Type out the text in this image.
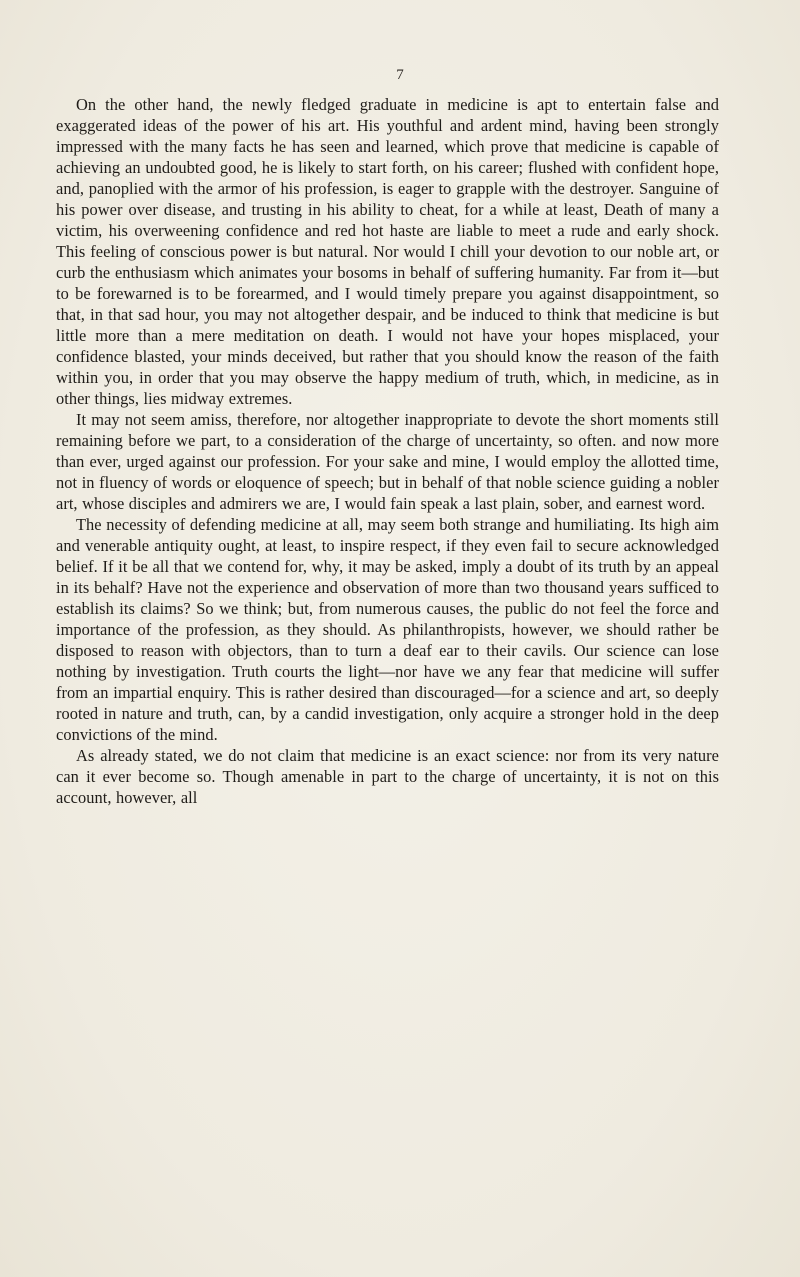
7

On the other hand, the newly fledged graduate in medicine is apt to entertain false and exaggerated ideas of the power of his art. His youthful and ardent mind, having been strongly impressed with the many facts he has seen and learned, which prove that medicine is capable of achieving an undoubted good, he is likely to start forth, on his career; flushed with confident hope, and, panoplied with the armor of his profession, is eager to grapple with the destroyer. Sanguine of his power over disease, and trusting in his ability to cheat, for a while at least, Death of many a victim, his overweening confidence and red hot haste are liable to meet a rude and early shock. This feeling of conscious power is but natural. Nor would I chill your devotion to our noble art, or curb the enthusiasm which animates your bosoms in behalf of suffering humanity. Far from it—but to be forewarned is to be forearmed, and I would timely prepare you against disappointment, so that, in that sad hour, you may not altogether despair, and be induced to think that medicine is but little more than a mere meditation on death. I would not have your hopes misplaced, your confidence blasted, your minds deceived, but rather that you should know the reason of the faith within you, in order that you may observe the happy medium of truth, which, in medicine, as in other things, lies midway extremes.

It may not seem amiss, therefore, nor altogether inappropriate to devote the short moments still remaining before we part, to a consideration of the charge of uncertainty, so often. and now more than ever, urged against our profession. For your sake and mine, I would employ the allotted time, not in fluency of words or eloquence of speech; but in behalf of that noble science guiding a nobler art, whose disciples and admirers we are, I would fain speak a last plain, sober, and earnest word.

The necessity of defending medicine at all, may seem both strange and humiliating. Its high aim and venerable antiquity ought, at least, to inspire respect, if they even fail to secure acknowledged belief. If it be all that we contend for, why, it may be asked, imply a doubt of its truth by an appeal in its behalf? Have not the experience and observation of more than two thousand years sufficed to establish its claims? So we think; but, from numerous causes, the public do not feel the force and importance of the profession, as they should. As philanthropists, however, we should rather be disposed to reason with objectors, than to turn a deaf ear to their cavils. Our science can lose nothing by investigation. Truth courts the light—nor have we any fear that medicine will suffer from an impartial enquiry. This is rather desired than discouraged—for a science and art, so deeply rooted in nature and truth, can, by a candid investigation, only acquire a stronger hold in the deep convictions of the mind.

As already stated, we do not claim that medicine is an exact science: nor from its very nature can it ever become so. Though amenable in part to the charge of uncertainty, it is not on this account, however, all
